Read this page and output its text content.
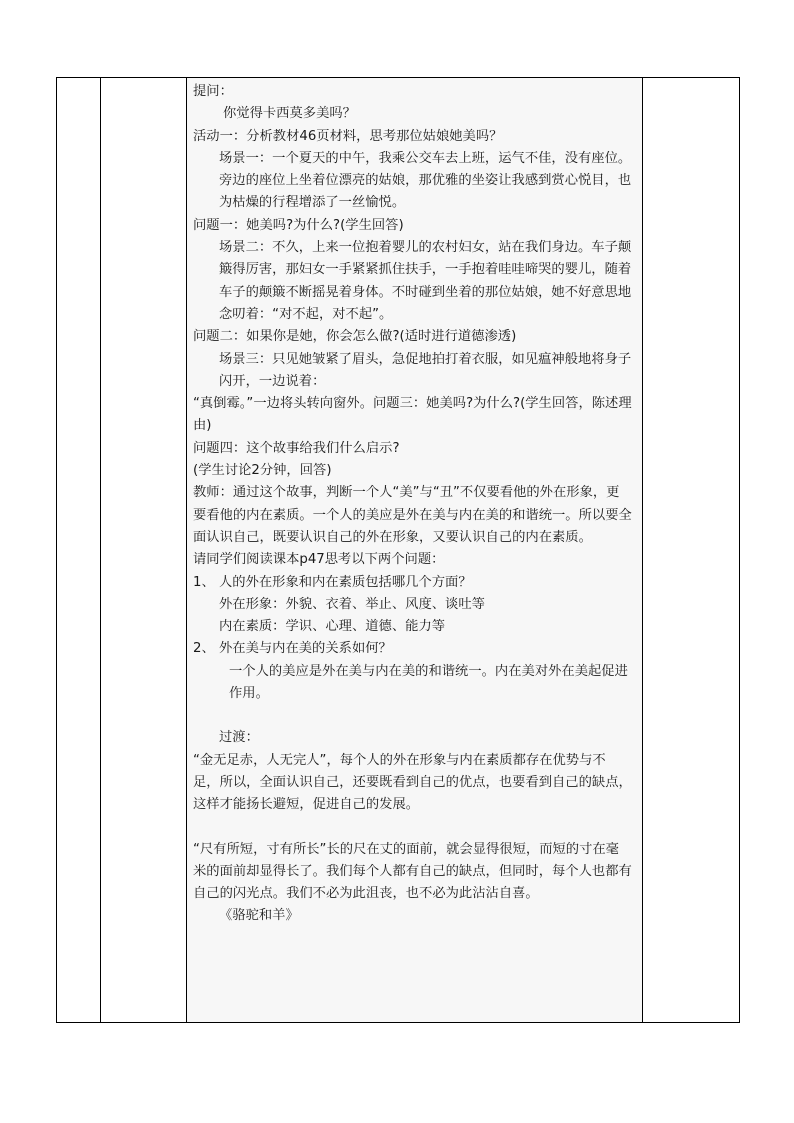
提问：

你觉得卡西莫多美吗？

活动一：分析教材46页材料，思考那位姑娘她美吗？

场景一：一个夏天的中午，我乘公交车去上班，运气不佳，没有座位。旁边的座位上坐着位漂亮的姑娘，那优雅的坐姿让我感到赏心悦目，也为枯燥的行程增添了一丝愉悦。

问题一：她美吗?为什么?(学生回答)

场景二：不久，上来一位抱着婴儿的农村妇女，站在我们身边。车子颠簸得厉害，那妇女一手紧紧抓住扶手，一手抱着哇哇啼哭的婴儿，随着车子的颠簸不断摇晃着身体。不时碰到坐着的那位姑娘，她不好意思地念叨着：“对不起，对不起”。

问题二：如果你是她，你会怎么做?(适时进行道德渗透)

场景三：只见她皱紧了眉头，急促地拍打着衣服，如见瘟神般地将身子闪开，一边说着：

“真倒霉。”一边将头转向窗外。问题三：她美吗?为什么?(学生回答，陈述理由)

问题四：这个故事给我们什么启示?

(学生讨论2分钟，回答)

教师：通过这个故事，判断一个人“美”与“丑”不仅要看他的外在形象，更要看他的内在素质。一个人的美应是外在美与内在美的和谐统一。所以要全面认识自己，既要认识自己的外在形象，又要认识自己的内在素质。

请同学们阅读课本p47思考以下两个问题：

1、 人的外在形象和内在素质包括哪几个方面？

外在形象：外貌、衣着、举止、风度、谈吐等

内在素质：学识、心理、道德、能力等

2、 外在美与内在美的关系如何？

一个人的美应是外在美与内在美的和谐统一。内在美对外在美起促进作用。

过渡：

“金无足赤，人无完人”，每个人的外在形象与内在素质都存在优势与不足，所以，全面认识自己，还要既看到自己的优点，也要看到自己的缺点，这样才能扬长避短，促进自己的发展。

“尺有所短，寸有所长”长的尺在丈的面前，就会显得很短，而短的寸在毫米的面前却显得长了。我们每个人都有自己的缺点，但同时，每个人也都有自己的闪光点。我们不必为此沮丧，也不必为此沾沾自喜。

《骆驼和羊》
